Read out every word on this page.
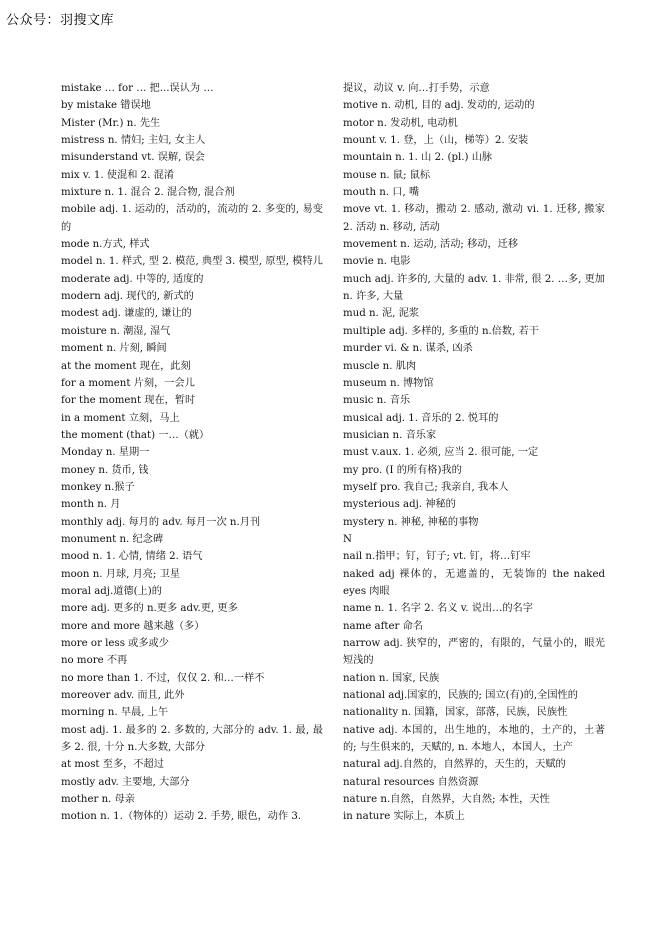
公众号：羽搜文库

mistake … for … 把...误认为 …

by mistake 错误地

Mister (Mr.) n. 先生

mistress n. 情妇; 主妇, 女主人

misunderstand vt. 误解, 误会

mix v. 1. 使混和 2. 混淆

mixture n. 1. 混合 2. 混合物, 混合剂

mobile adj. 1. 运动的，活动的，流动的 2. 多变的, 易变的

mode n.方式, 样式

model n. 1. 样式, 型 2. 模范, 典型 3. 模型, 原型, 模特儿

moderate adj. 中等的, 适度的

modern adj. 现代的, 新式的

modest adj. 谦虚的, 谦让的

moisture n. 潮湿, 湿气

moment n. 片刻, 瞬间

at the moment 现在，此刻

for a moment 片刻，一会儿

for the moment 现在，暂时

in a moment 立刻，马上

the moment (that) 一…（就）

Monday n. 星期一

money n. 货币, 钱

monkey n.猴子

month n. 月

monthly adj. 每月的 adv. 每月一次 n.月刊

monument n. 纪念碑

mood n. 1. 心情, 情绪 2. 语气

moon n. 月球, 月亮; 卫星

moral adj.道德(上)的

more adj. 更多的 n.更多 adv.更, 更多

more and more 越来越（多）

more or less 或多或少

no more 不再

no more than 1. 不过，仅仅 2. 和…一样不

moreover adv. 而且, 此外

morning n. 早晨, 上午

most adj. 1. 最多的 2. 多数的, 大部分的 adv. 1. 最, 最多 2. 很, 十分 n.大多数, 大部分

at most 至多，不超过

mostly adv. 主要地, 大部分

mother n. 母亲

motion n. 1.（物体的）运动 2. 手势, 眼色，动作 3.

提议，动议 v. 向…打手势，示意

motive n. 动机, 目的 adj. 发动的, 运动的

motor n. 发动机, 电动机

mount v. 1. 登，上（山，梯等）2. 安装

mountain n. 1. 山 2. (pl.) 山脉

mouse n. 鼠; 鼠标

mouth n. 口, 嘴

move vt. 1. 移动，搬动 2. 感动, 激动 vi. 1. 迁移, 搬家 2. 活动 n. 移动, 活动

movement n. 运动, 活动; 移动，迁移

movie n. 电影

much adj. 许多的, 大量的 adv. 1. 非常, 很 2. …多, 更加 n. 许多, 大量

mud n. 泥, 泥浆

multiple adj. 多样的, 多重的 n.倍数, 若干

murder vi. & n. 谋杀, 凶杀

muscle n. 肌肉

museum n. 博物馆

music n. 音乐

musical adj. 1. 音乐的 2. 悦耳的

musician n. 音乐家

must v.aux. 1. 必须, 应当 2. 很可能, 一定

my pro. (I 的所有格)我的

myself pro. 我自己; 我亲自, 我本人

mysterious adj. 神秘的

mystery n. 神秘, 神秘的事物

N

nail n.指甲；钉，钉子; vt. 钉，将…钉牢

naked adj 裸体的，无遮盖的，无装饰的 the naked eyes 肉眼

name n. 1. 名字 2. 名义 v. 说出…的名字

name after 命名

narrow adj. 狭窄的，严密的，有限的，气量小的，眼光短浅的

nation n. 国家, 民族

national adj.国家的，民族的; 国立(有)的,全国性的

nationality n. 国籍，国家，部落，民族，民族性

native adj. 本国的，出生地的，本地的，土产的，土著的; 与生俱来的，天赋的, n. 本地人，本国人，土产

natural adj.自然的，自然界的，天生的，天赋的

natural resources 自然资源

nature n.自然，自然界，大自然; 本性，天性

in nature 实际上，本质上
